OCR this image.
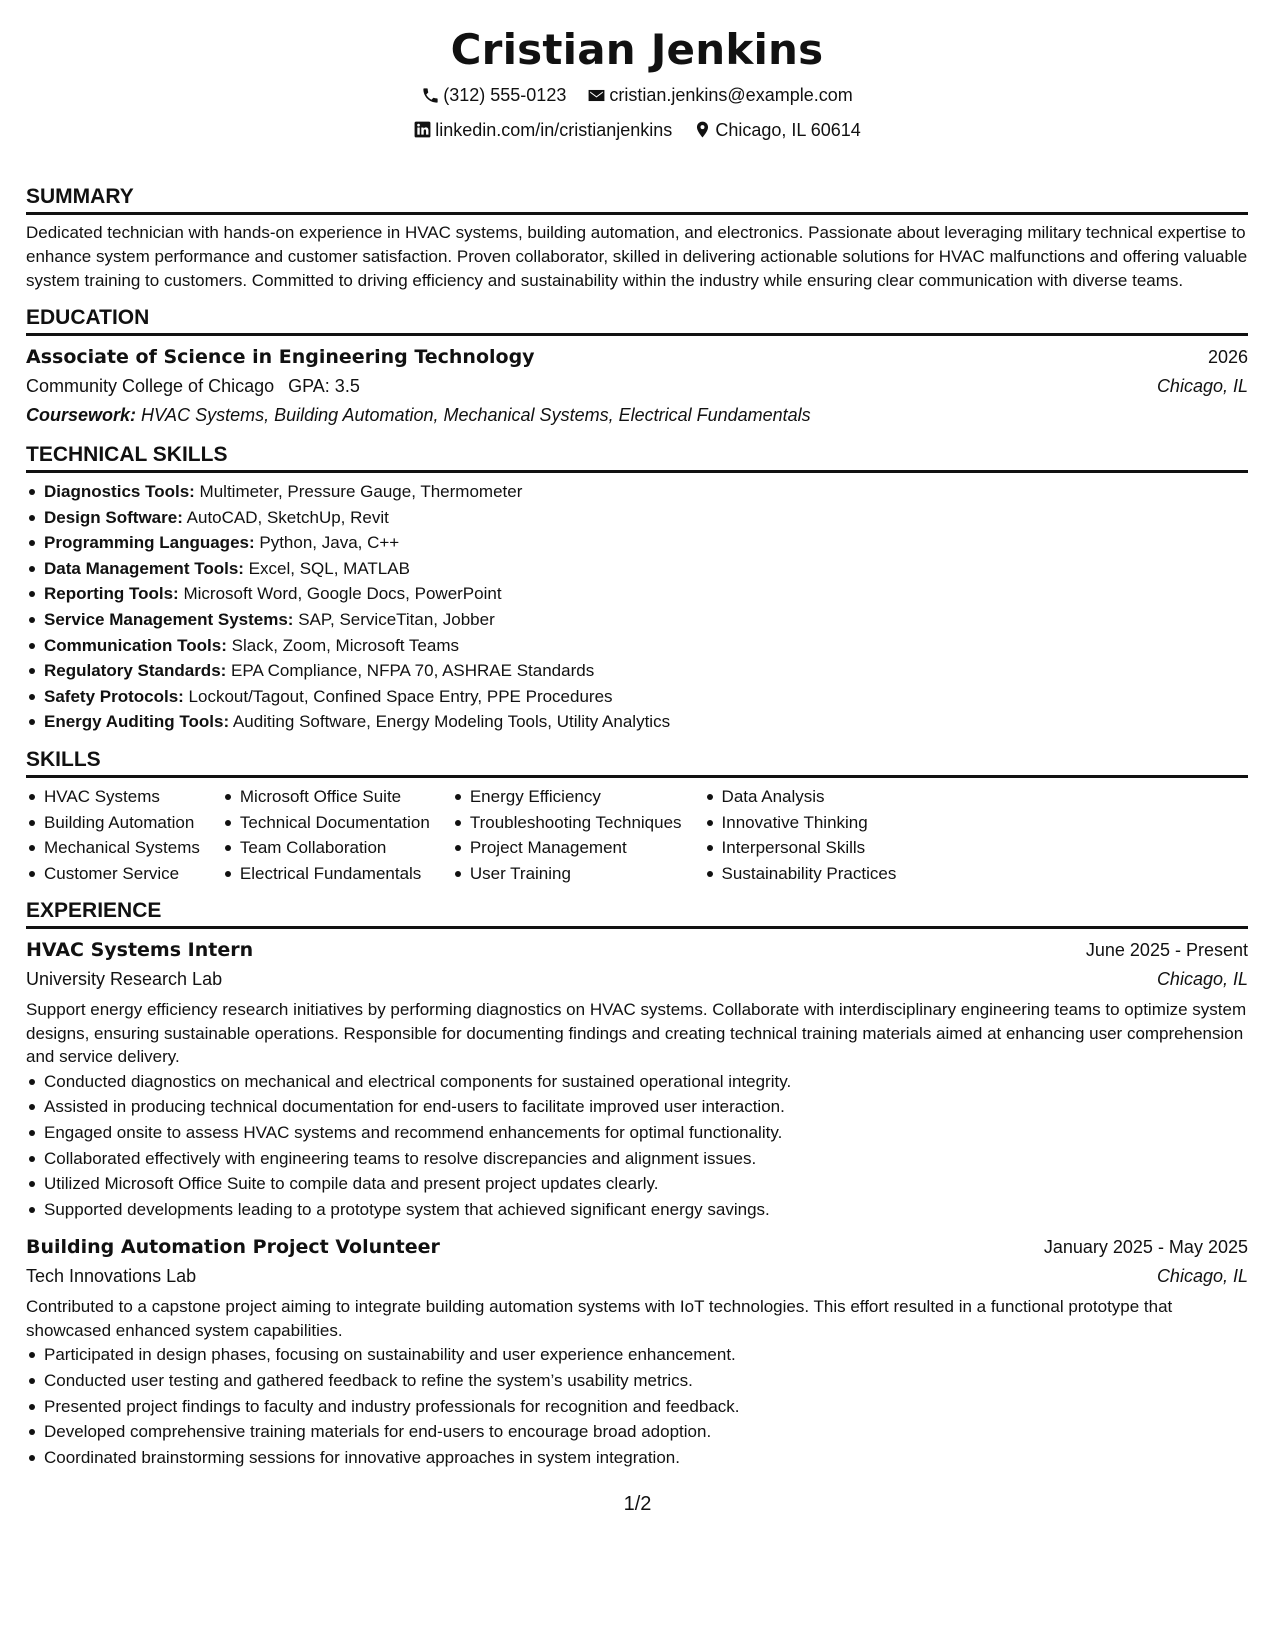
Cristian Jenkins
(312) 555-0123
cristian.jenkins@example.com
linkedin.com/in/cristianjenkins
Chicago, IL 60614
SUMMARY

Dedicated technician with hands-on experience in HVAC systems, building automation, and electronics. Passionate about leveraging military technical expertise to enhance system performance and customer satisfaction. Proven collaborator, skilled in delivering actionable solutions for HVAC malfunctions and offering valuable system training to customers. Committed to driving efficiency and sustainability within the industry while ensuring clear communication with diverse teams.

EDUCATION
Associate of Science in Engineering Technology	2026
Community College of Chicago GPA: 3.5	Chicago, IL
Coursework: HVAC Systems, Building Automation, Mechanical Systems, Electrical Fundamentals
TECHNICAL SKILLS
Diagnostics Tools: Multimeter, Pressure Gauge, Thermometer
Design Software: AutoCAD, SketchUp, Revit
Programming Languages: Python, Java, C++
Data Management Tools: Excel, SQL, MATLAB
Reporting Tools: Microsoft Word, Google Docs, PowerPoint
Service Management Systems: SAP, ServiceTitan, Jobber
Communication Tools: Slack, Zoom, Microsoft Teams
Regulatory Standards: EPA Compliance, NFPA 70, ASHRAE Standards
Safety Protocols: Lockout/Tagout, Confined Space Entry, PPE Procedures
Energy Auditing Tools: Auditing Software, Energy Modeling Tools, Utility Analytics
SKILLS
HVAC Systems
Building Automation
Mechanical Systems
Customer Service
Microsoft Office Suite
Technical Documentation
Team Collaboration
Electrical Fundamentals
Energy Efficiency
Troubleshooting Techniques
Project Management
User Training
Data Analysis
Innovative Thinking
Interpersonal Skills
Sustainability Practices
EXPERIENCE
HVAC Systems Intern	June 2025 - Present
University Research Lab	Chicago, IL

Support energy efficiency research initiatives by performing diagnostics on HVAC systems. Collaborate with interdisciplinary engineering teams to optimize system designs, ensuring sustainable operations. Responsible for documenting findings and creating technical training materials aimed at enhancing user comprehension and service delivery.

Conducted diagnostics on mechanical and electrical components for sustained operational integrity.
Assisted in producing technical documentation for end-users to facilitate improved user interaction.
Engaged onsite to assess HVAC systems and recommend enhancements for optimal functionality.
Collaborated effectively with engineering teams to resolve discrepancies and alignment issues.
Utilized Microsoft Office Suite to compile data and present project updates clearly.
Supported developments leading to a prototype system that achieved significant energy savings.
Building Automation Project Volunteer	January 2025 - May 2025
Tech Innovations Lab	Chicago, IL

Contributed to a capstone project aiming to integrate building automation systems with IoT technologies. This effort resulted in a functional prototype that showcased enhanced system capabilities.

Participated in design phases, focusing on sustainability and user experience enhancement.
Conducted user testing and gathered feedback to refine the system’s usability metrics.
Presented project findings to faculty and industry professionals for recognition and feedback.
Developed comprehensive training materials for end-users to encourage broad adoption.
Coordinated brainstorming sessions for innovative approaches in system integration.
1/2
